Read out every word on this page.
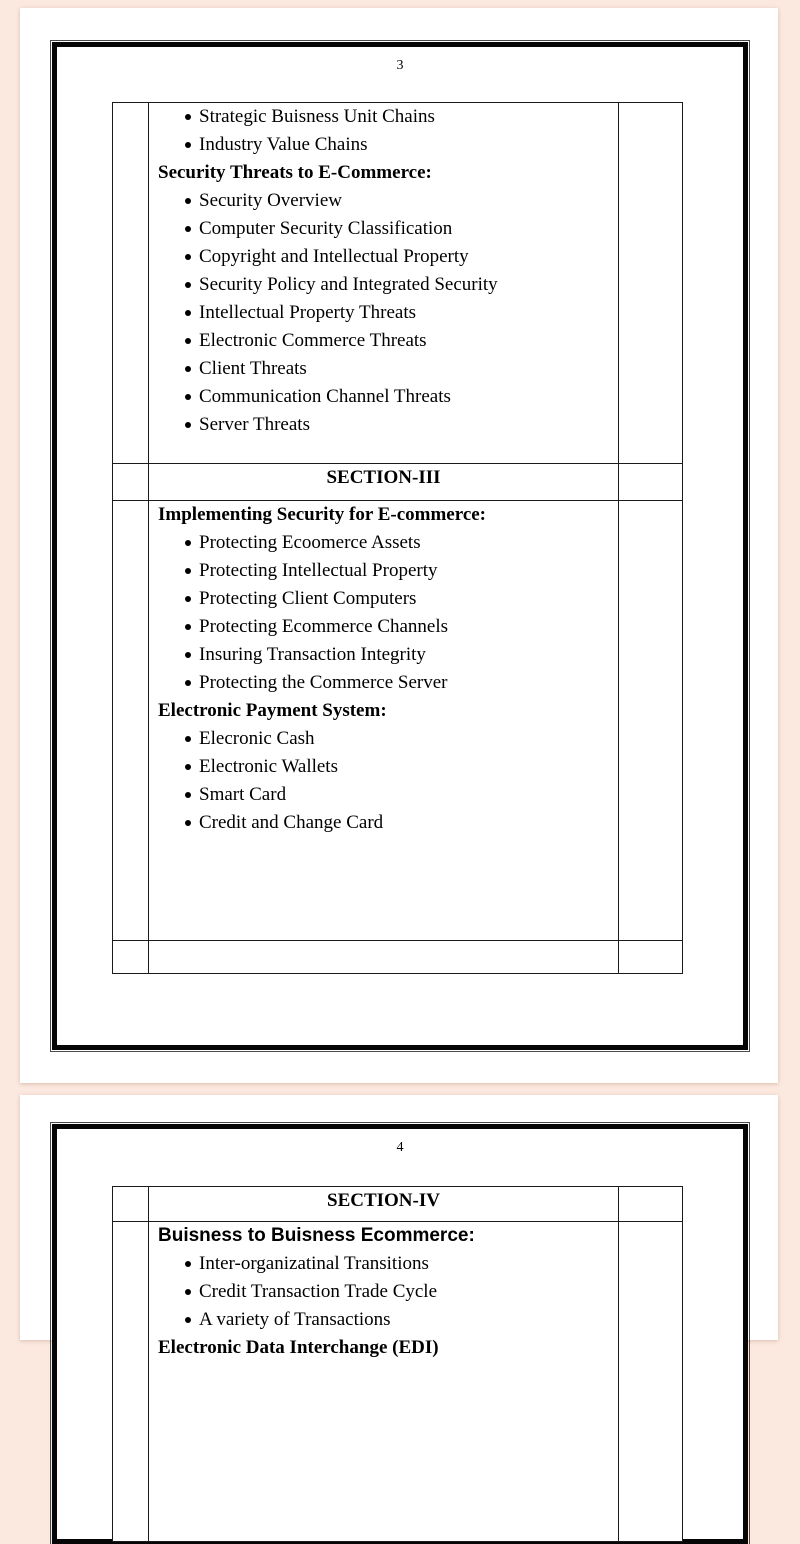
3

Strategic Buisness Unit Chains
Industry Value Chains
Security Threats to E-Commerce:
Security Overview
Computer Security Classification
Copyright and Intellectual Property
Security Policy and Integrated Security
Intellectual Property Threats
Electronic Commerce Threats
Client Threats
Communication Channel Threats
Server Threats

	SECTION-III	

Implementing Security for E-commerce:
Protecting Ecoomerce Assets
Protecting Intellectual Property
Protecting Client Computers
Protecting Ecommerce Channels
Insuring Transaction Integrity
Protecting the Commerce Server
Electronic Payment System:
Elecronic Cash
Electronic Wallets
Smart Card
Credit and Change Card

4
	SECTION-IV	

Buisness to Buisness Ecommerce:
Inter-organizatinal Transitions
Credit Transaction Trade Cycle
A variety of Transactions
Electronic Data Interchange (EDI)
